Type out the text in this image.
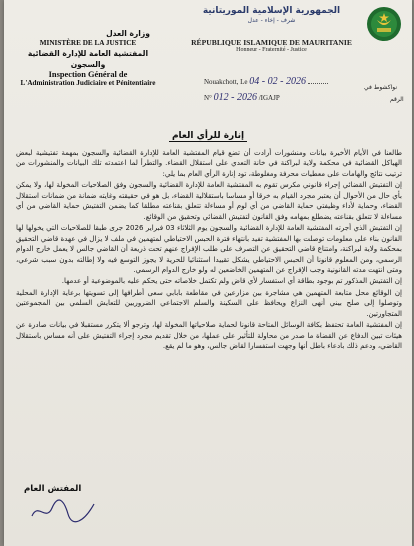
الجمهورية الإسلامية الموريتانية
شرف - إخاء - عدل
RÉPUBLIQUE ISLAMIQUE DE MAURITANIE
Honneur - Fraternité - Justice
وزارة العدل
MINISTÈRE DE LA JUSTICE
المفتشية العامة للإدارة القضائية والسجون
Inspection Général de
L'Administration Judiciaire et Pénitentiaire	Nouakchott, Le 04 - 02 - 2026
نواكشوط في
N° 012 - 2026 /IGAJP	الرقم
إنارة للرأي العام

طالعنا في الأيام الأخيرة بيانات ومنشورات أرادت أن تضع قيام المفتشية العامة للإدارة القضائية والسجون بمهمة تفتيشية لبعض الهياكل القضائية في محكمة ولاية لبراكنة في خانة التعدي على استقلال القضاء. والتطرأ لما اعتمدته تلك البيانات والمنشورات من ترتيب نتائج والهامات على معطيات محرفة ومغلوطة، تود إنارة الرأي العام بما يلي:

إن التفتيش القضائي إجراء قانوني مكرس تقوم به المفتشية العامة للإدارة القضائية والسجون وفق الصلاحيات المخولة لها، ولا يمكن بأي حال من الأحوال أن يعتبر مجرد القيام به خرقا أو مساسا باستقلالية القضاء، بل هو في حقيقته وغايته ضمانة من ضمانات استقلال القضاء، وحماية لأداء وظيفتي حماية القاضي من أي لوم أو مساءلة تتعلق بقناعته مطلقا كما يضمن التفتيش حماية القاضي من أي مساءلة لا تتعلق بقناعته يضطلع بمهامه وفق القانون لتفتيش القضائي وتحقيق من الوقائع.

إن التفتيش الذي أجرته المفتشية العامة للإدارة القضائية والسجون يوم الثلاثاء 03 فبراير 2026 جرى طبقا للصلاحيات التي يخولها لها القانون بناء على معلومات توصلت بها المفتشية تفيد بانتهاء فترة الحبس الاحتياطي لمتهمين في ملف لا يزال في عهدة قاضي التحقيق بمحكمة ولاية لبراكنة، وامتناع قاضي التحقيق عن التصرف على طلب الإفراج عنهم تحت ذريعة أن القاضي جالس لا يعمل خارج الدوام الرسمي، ومن المعلوم قانونا أن الحبس الاحتياطي يشكل تقييدا استثنائيا للحرية لا يجوز التوسع فيه ولا إطالته بدون سبب شرعي، ومتى انتهت مدته القانونية وجب الإفراج عن المتهمين الخاضعين له ولو خارج الدوام الرسمي.

إن التفتيش المذكور تم بوجود بطاقة أي استفسار لأي قاض ولم تكتمل خلاصاته حتى يحكم عليه بالموضوعية أو عدمها.

إن الوقائع محل متابعة المتهمين هي مشاجرة بين مزارعين في مقاطعة بابابي سعى أطرافها إلى تسويتها برعاية الإدارة المحلية وتوصلوا إلى صلح بيني أنهى النزاع ويحافظ على السكينة والسلم الاجتماعي الضروريين للتعايش السلمي بين المجموعتين المتجاورتين.

إن المفتشية العامة تحتفظ بكافة الوسائل المتاحة قانونا لحماية صلاحياتها المخولة لها، وترجو ألا يتكرر مستقبلا في بيانات صادرة عن هيئات تبين الدفاع عن القضاة ما صدر من محاولة للتأثير على عملها، من خلال تقديم مجرد إجراء التفتيش على أنه مساس باستقلال القاضي، ودعم ذلك بادعاء باطل أنها وجهت استفسارا لقاض جالس، وهو ما لم يقع.

المفتش العام
